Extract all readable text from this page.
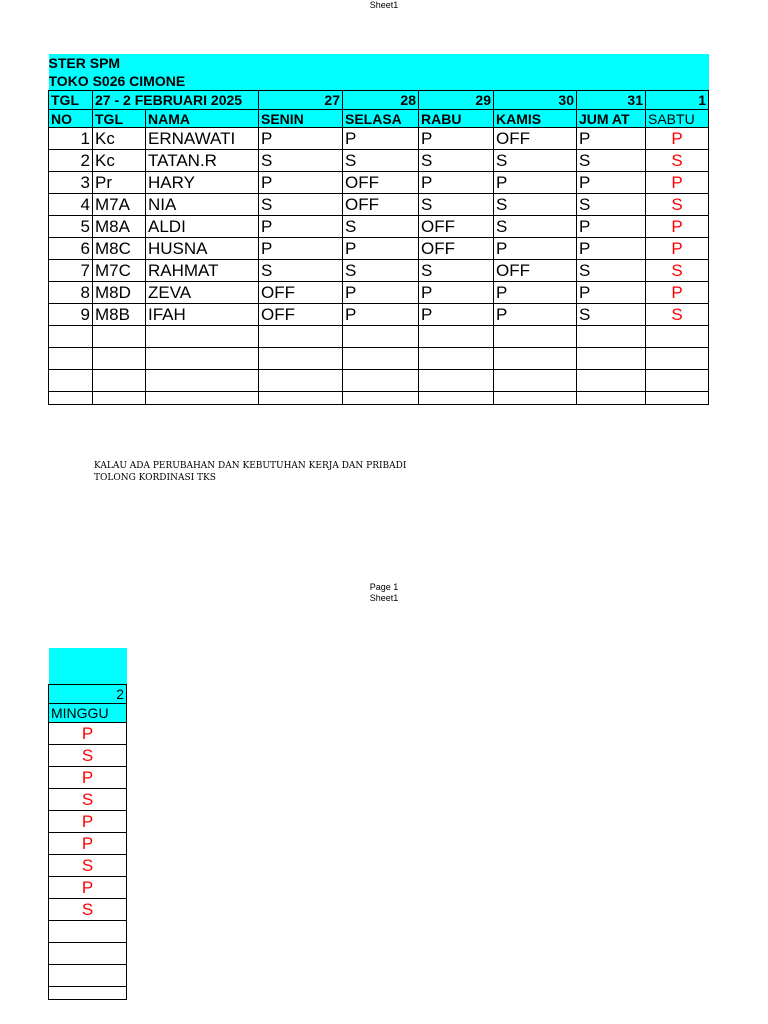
Sheet1
STER SPM								
TOKO S026 CIMONE								
TGL	27 - 2 FEBRUARI 2025		27	28	29	30	31	1
NO	TGL	NAMA	SENIN	SELASA	RABU	KAMIS	JUM AT	SABTU
1	Kc	ERNAWATI	P	P	P	OFF	P	P
2	Kc	TATAN.R	S	S	S	S	S	S
3	Pr	HARY	P	OFF	P	P	P	P
4	M7A	NIA	S	OFF	S	S	S	S
5	M8A	ALDI	P	S	OFF	S	P	P
6	M8C	HUSNA	P	P	OFF	P	P	P
7	M7C	RAHMAT	S	S	S	OFF	S	S
8	M8D	ZEVA	OFF	P	P	P	P	P
9	M8B	IFAH	OFF	P	P	P	S	S

KALAU ADA PERUBAHAN DAN KEBUTUHAN KERJA DAN PRIBADI
TOLONG KORDINASI TKS
Page 1
Sheet1

2
MINGGU
P
S
P
S
P
P
S
P
S
